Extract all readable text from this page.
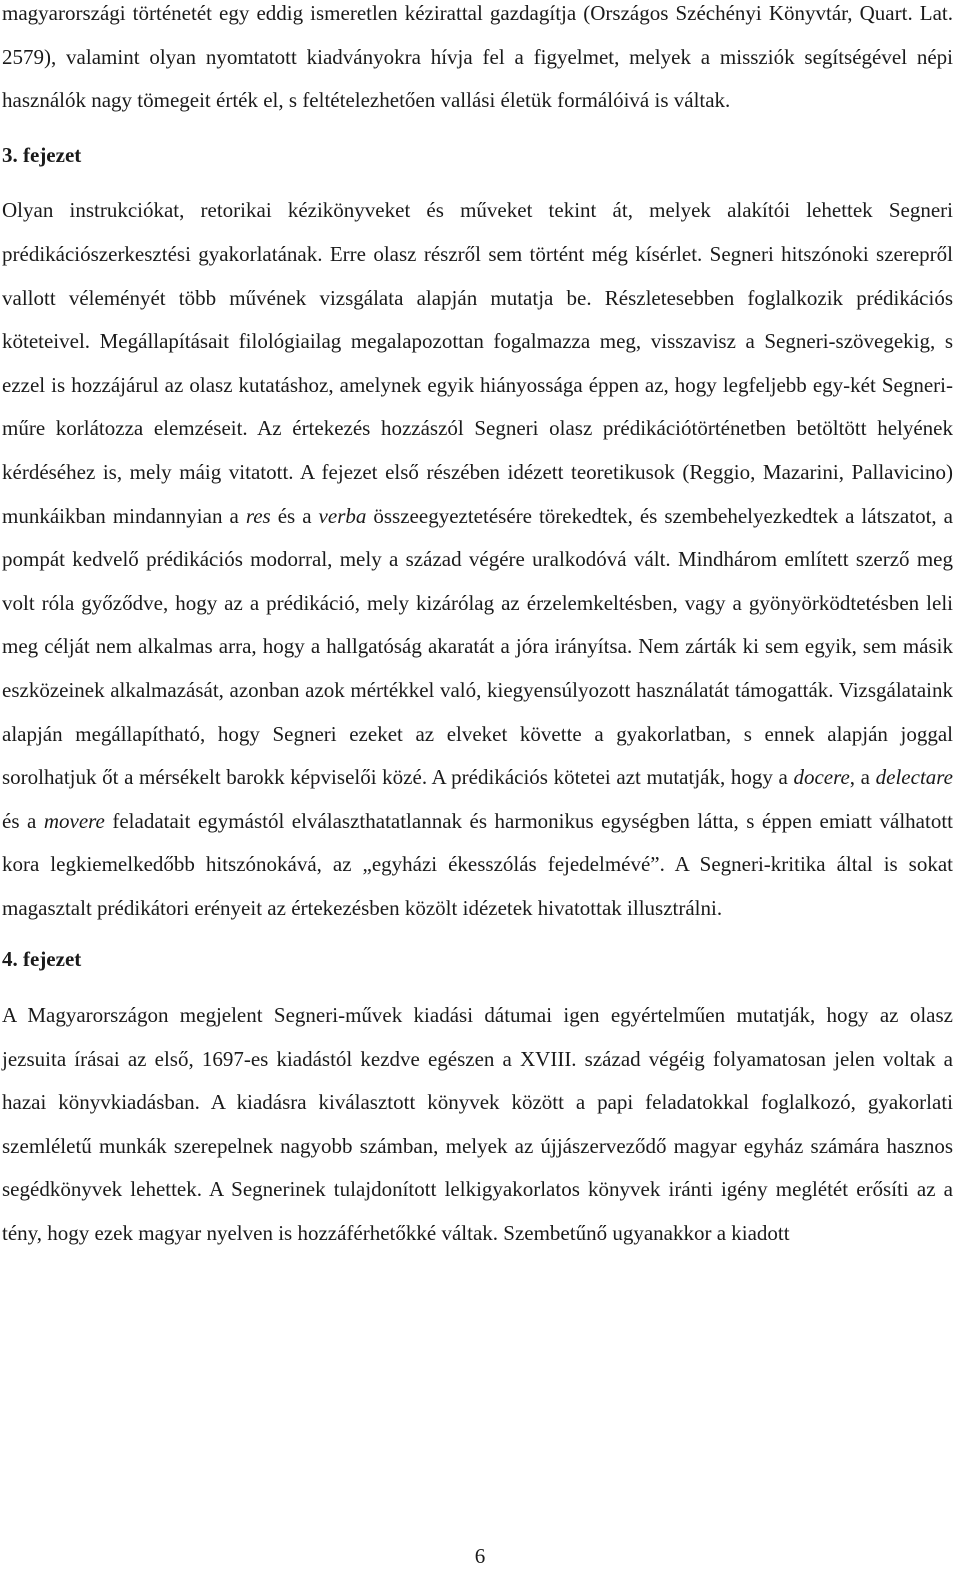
magyarországi történetét egy eddig ismeretlen kézirattal gazdagítja (Országos Széchényi Könyvtár, Quart. Lat. 2579), valamint olyan nyomtatott kiadványokra hívja fel a figyelmet, melyek a missziók segítségével népi használók nagy tömegeit érték el, s feltételezhetően vallási életük formálóivá is váltak.

3. fejezet

Olyan instrukciókat, retorikai kézikönyveket és műveket tekint át, melyek alakítói lehettek Segneri prédikációszerkesztési gyakorlatának. Erre olasz részről sem történt még kísérlet. Segneri hitszónoki szerepről vallott véleményét több művének vizsgálata alapján mutatja be. Részletesebben foglalkozik prédikációs köteteivel. Megállapításait filológiailag megalapozottan fogalmazza meg, visszavisz a Segneri-szövegekig, s ezzel is hozzájárul az olasz kutatáshoz, amelynek egyik hiányossága éppen az, hogy legfeljebb egy-két Segneri-műre korlátozza elemzéseit. Az értekezés hozzászól Segneri olasz prédikációtörténetben betöltött helyének kérdéséhez is, mely máig vitatott. A fejezet első részében idézett teoretikusok (Reggio, Mazarini, Pallavicino) munkáikban mindannyian a res és a verba összeegyeztetésére törekedtek, és szembehelyezkedtek a látszatot, a pompát kedvelő prédikációs modorral, mely a század végére uralkodóvá vált. Mindhárom említett szerző meg volt róla győződve, hogy az a prédikáció, mely kizárólag az érzelemkeltésben, vagy a gyönyörködtetésben leli meg célját nem alkalmas arra, hogy a hallgatóság akaratát a jóra irányítsa. Nem zárták ki sem egyik, sem másik eszközeinek alkalmazását, azonban azok mértékkel való, kiegyensúlyozott használatát támogatták. Vizsgálataink alapján megállapítható, hogy Segneri ezeket az elveket követte a gyakorlatban, s ennek alapján joggal sorolhatjuk őt a mérsékelt barokk képviselői közé. A prédikációs kötetei azt mutatják, hogy a docere, a delectare és a movere feladatait egymástól elválaszthatatlannak és harmonikus egységben látta, s éppen emiatt válhatott kora legkiemelkedőbb hitszónokává, az „egyházi ékesszólás fejedelmévé”. A Segneri-kritika által is sokat magasztalt prédikátori erényeit az értekezésben közölt idézetek hivatottak illusztrálni.

4. fejezet

A Magyarországon megjelent Segneri-művek kiadási dátumai igen egyértelműen mutatják, hogy az olasz jezsuita írásai az első, 1697-es kiadástól kezdve egészen a XVIII. század végéig folyamatosan jelen voltak a hazai könyvkiadásban. A kiadásra kiválasztott könyvek között a papi feladatokkal foglalkozó, gyakorlati szemléletű munkák szerepelnek nagyobb számban, melyek az újjászerveződő magyar egyház számára hasznos segédkönyvek lehettek. A Segnerinek tulajdonított lelkigyakorlatos könyvek iránti igény meglétét erősíti az a tény, hogy ezek magyar nyelven is hozzáférhetőkké váltak. Szembetűnő ugyanakkor a kiadott

6
